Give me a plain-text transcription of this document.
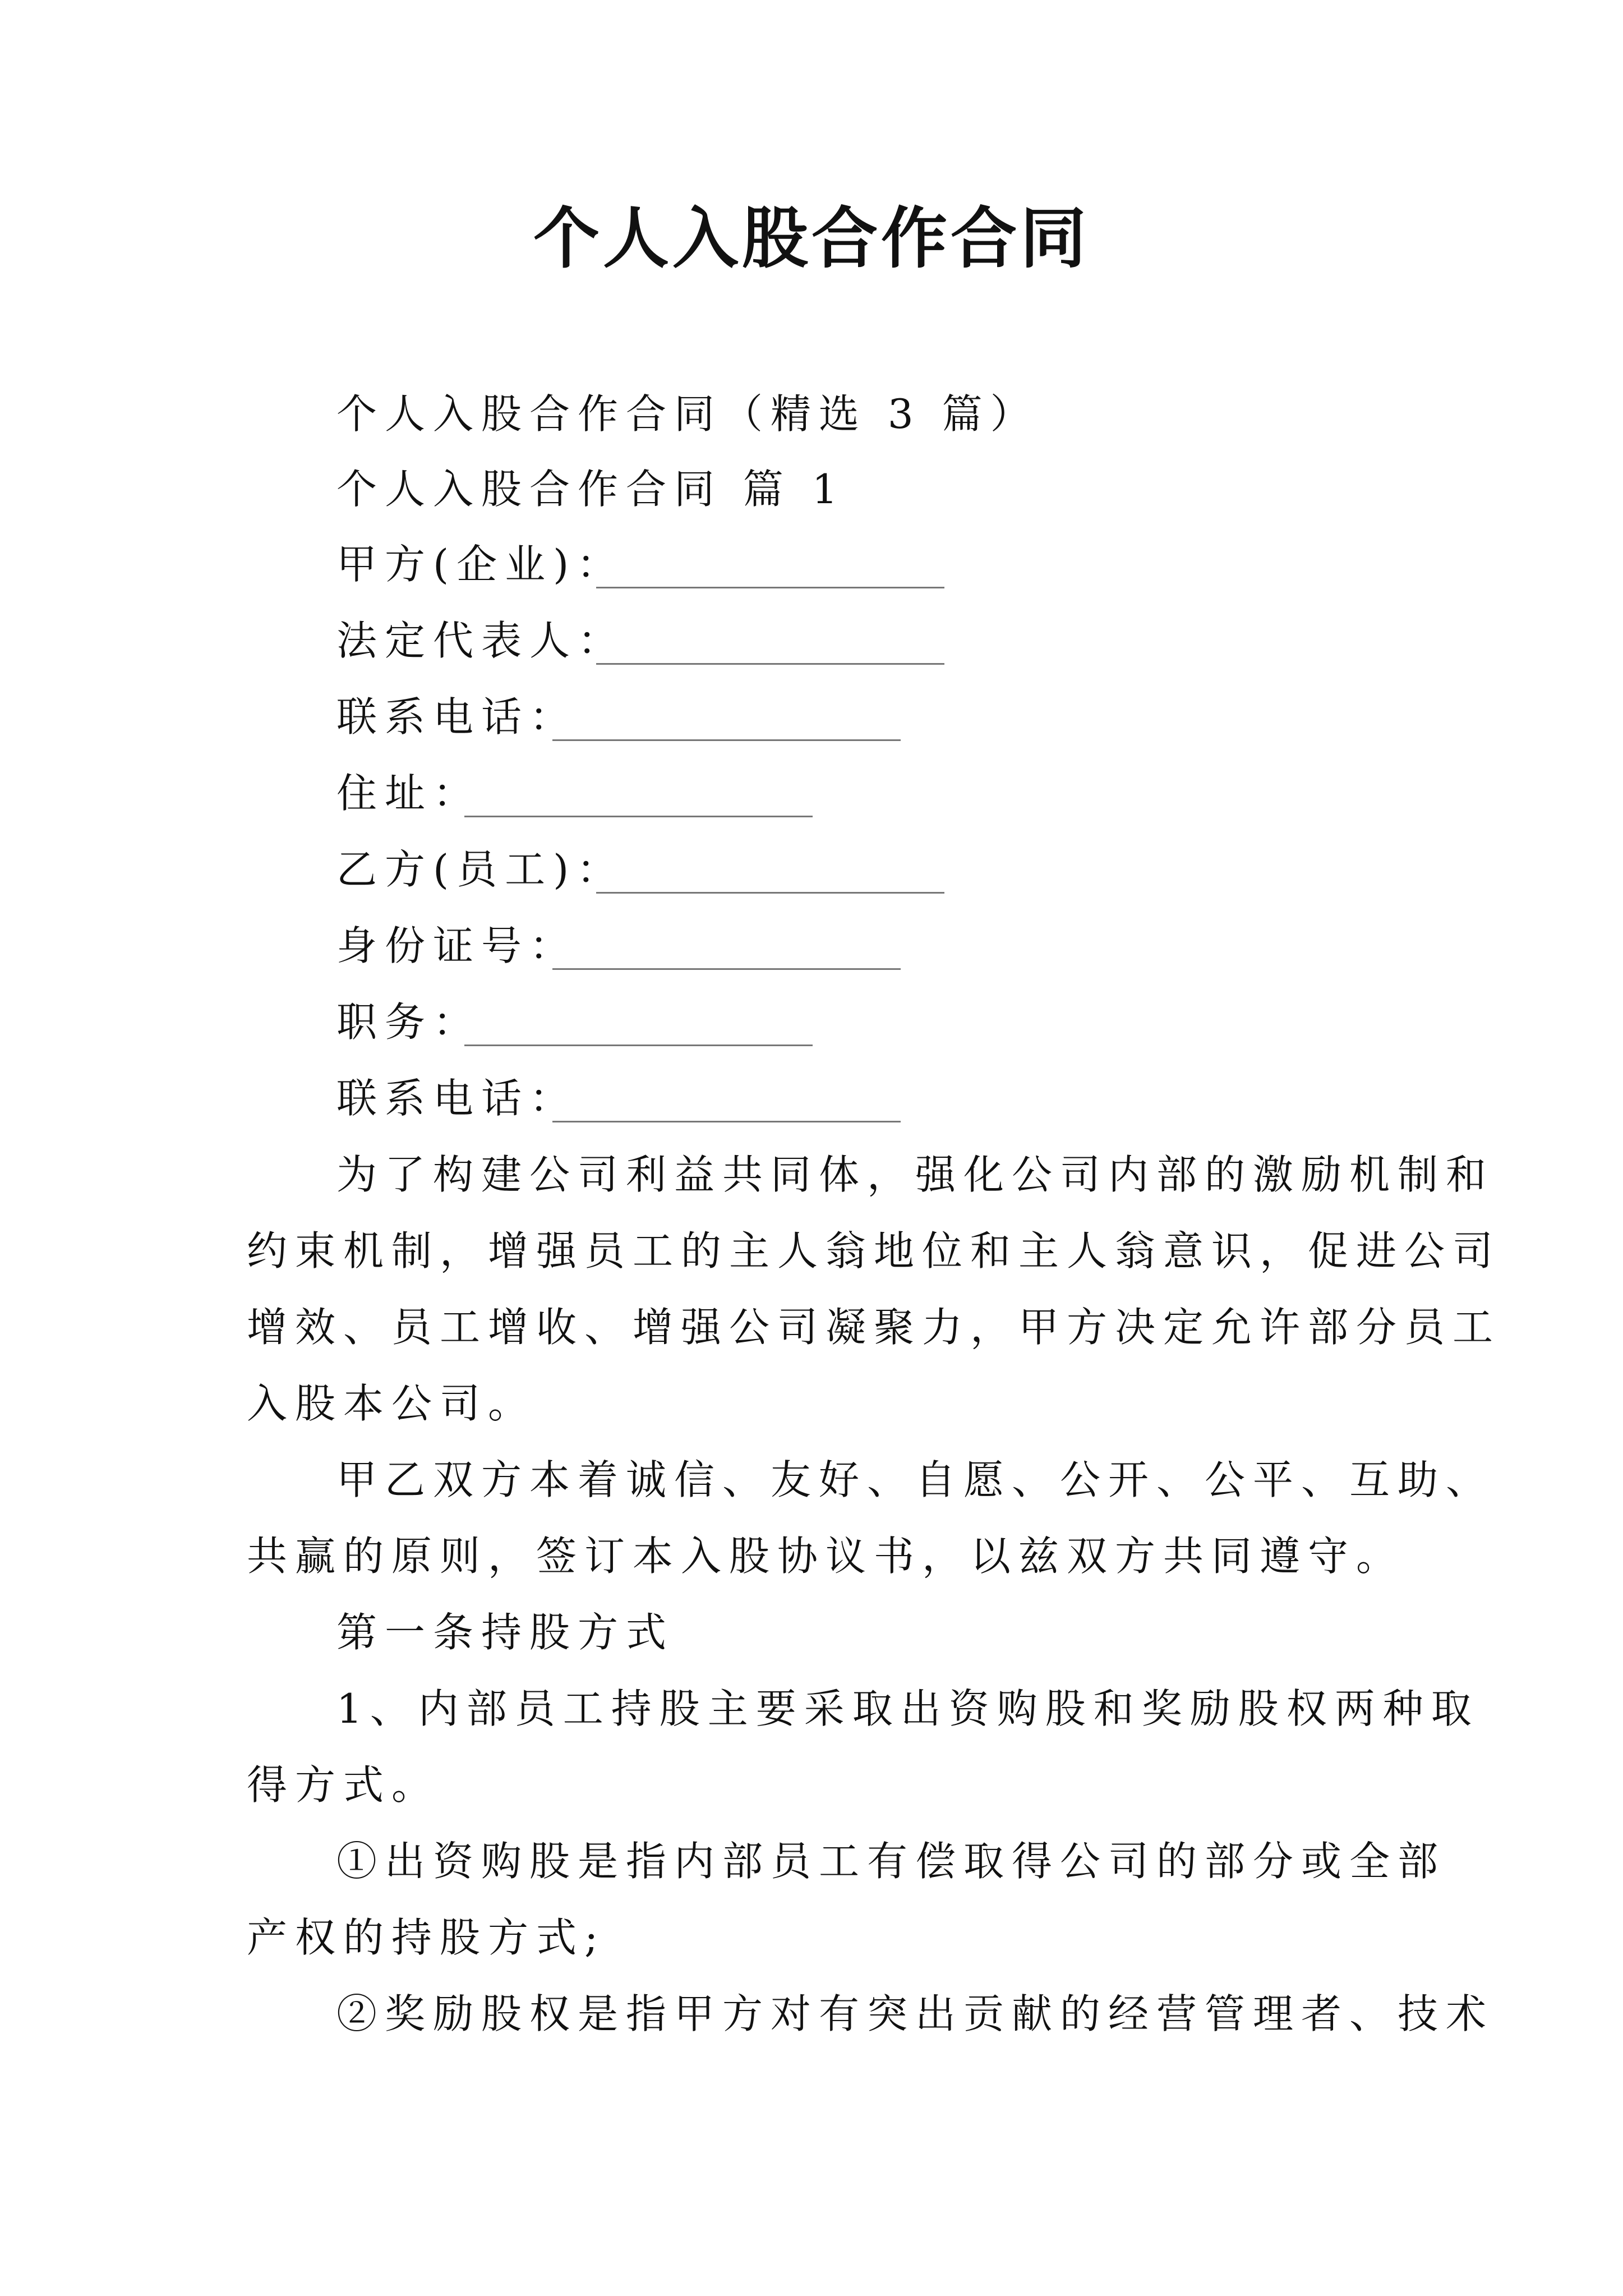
个人入股合作合同
个人入股合作合同（精选 3 篇）
个人入股合作合同 篇 1
甲方(企业)：
法定代表人：
联系电话：
住址：
乙方(员工)：
身份证号：
职务：
联系电话：
为了构建公司利益共同体，强化公司内部的激励机制和
约束机制，增强员工的主人翁地位和主人翁意识，促进公司
增效、员工增收、增强公司凝聚力，甲方决定允许部分员工
入股本公司。
甲乙双方本着诚信、友好、自愿、公开、公平、互助、
共赢的原则，签订本入股协议书，以兹双方共同遵守。
第一条持股方式
1、内部员工持股主要采取出资购股和奖励股权两种取
得方式。
①出资购股是指内部员工有偿取得公司的部分或全部
产权的持股方式;
②奖励股权是指甲方对有突出贡献的经营管理者、技术
